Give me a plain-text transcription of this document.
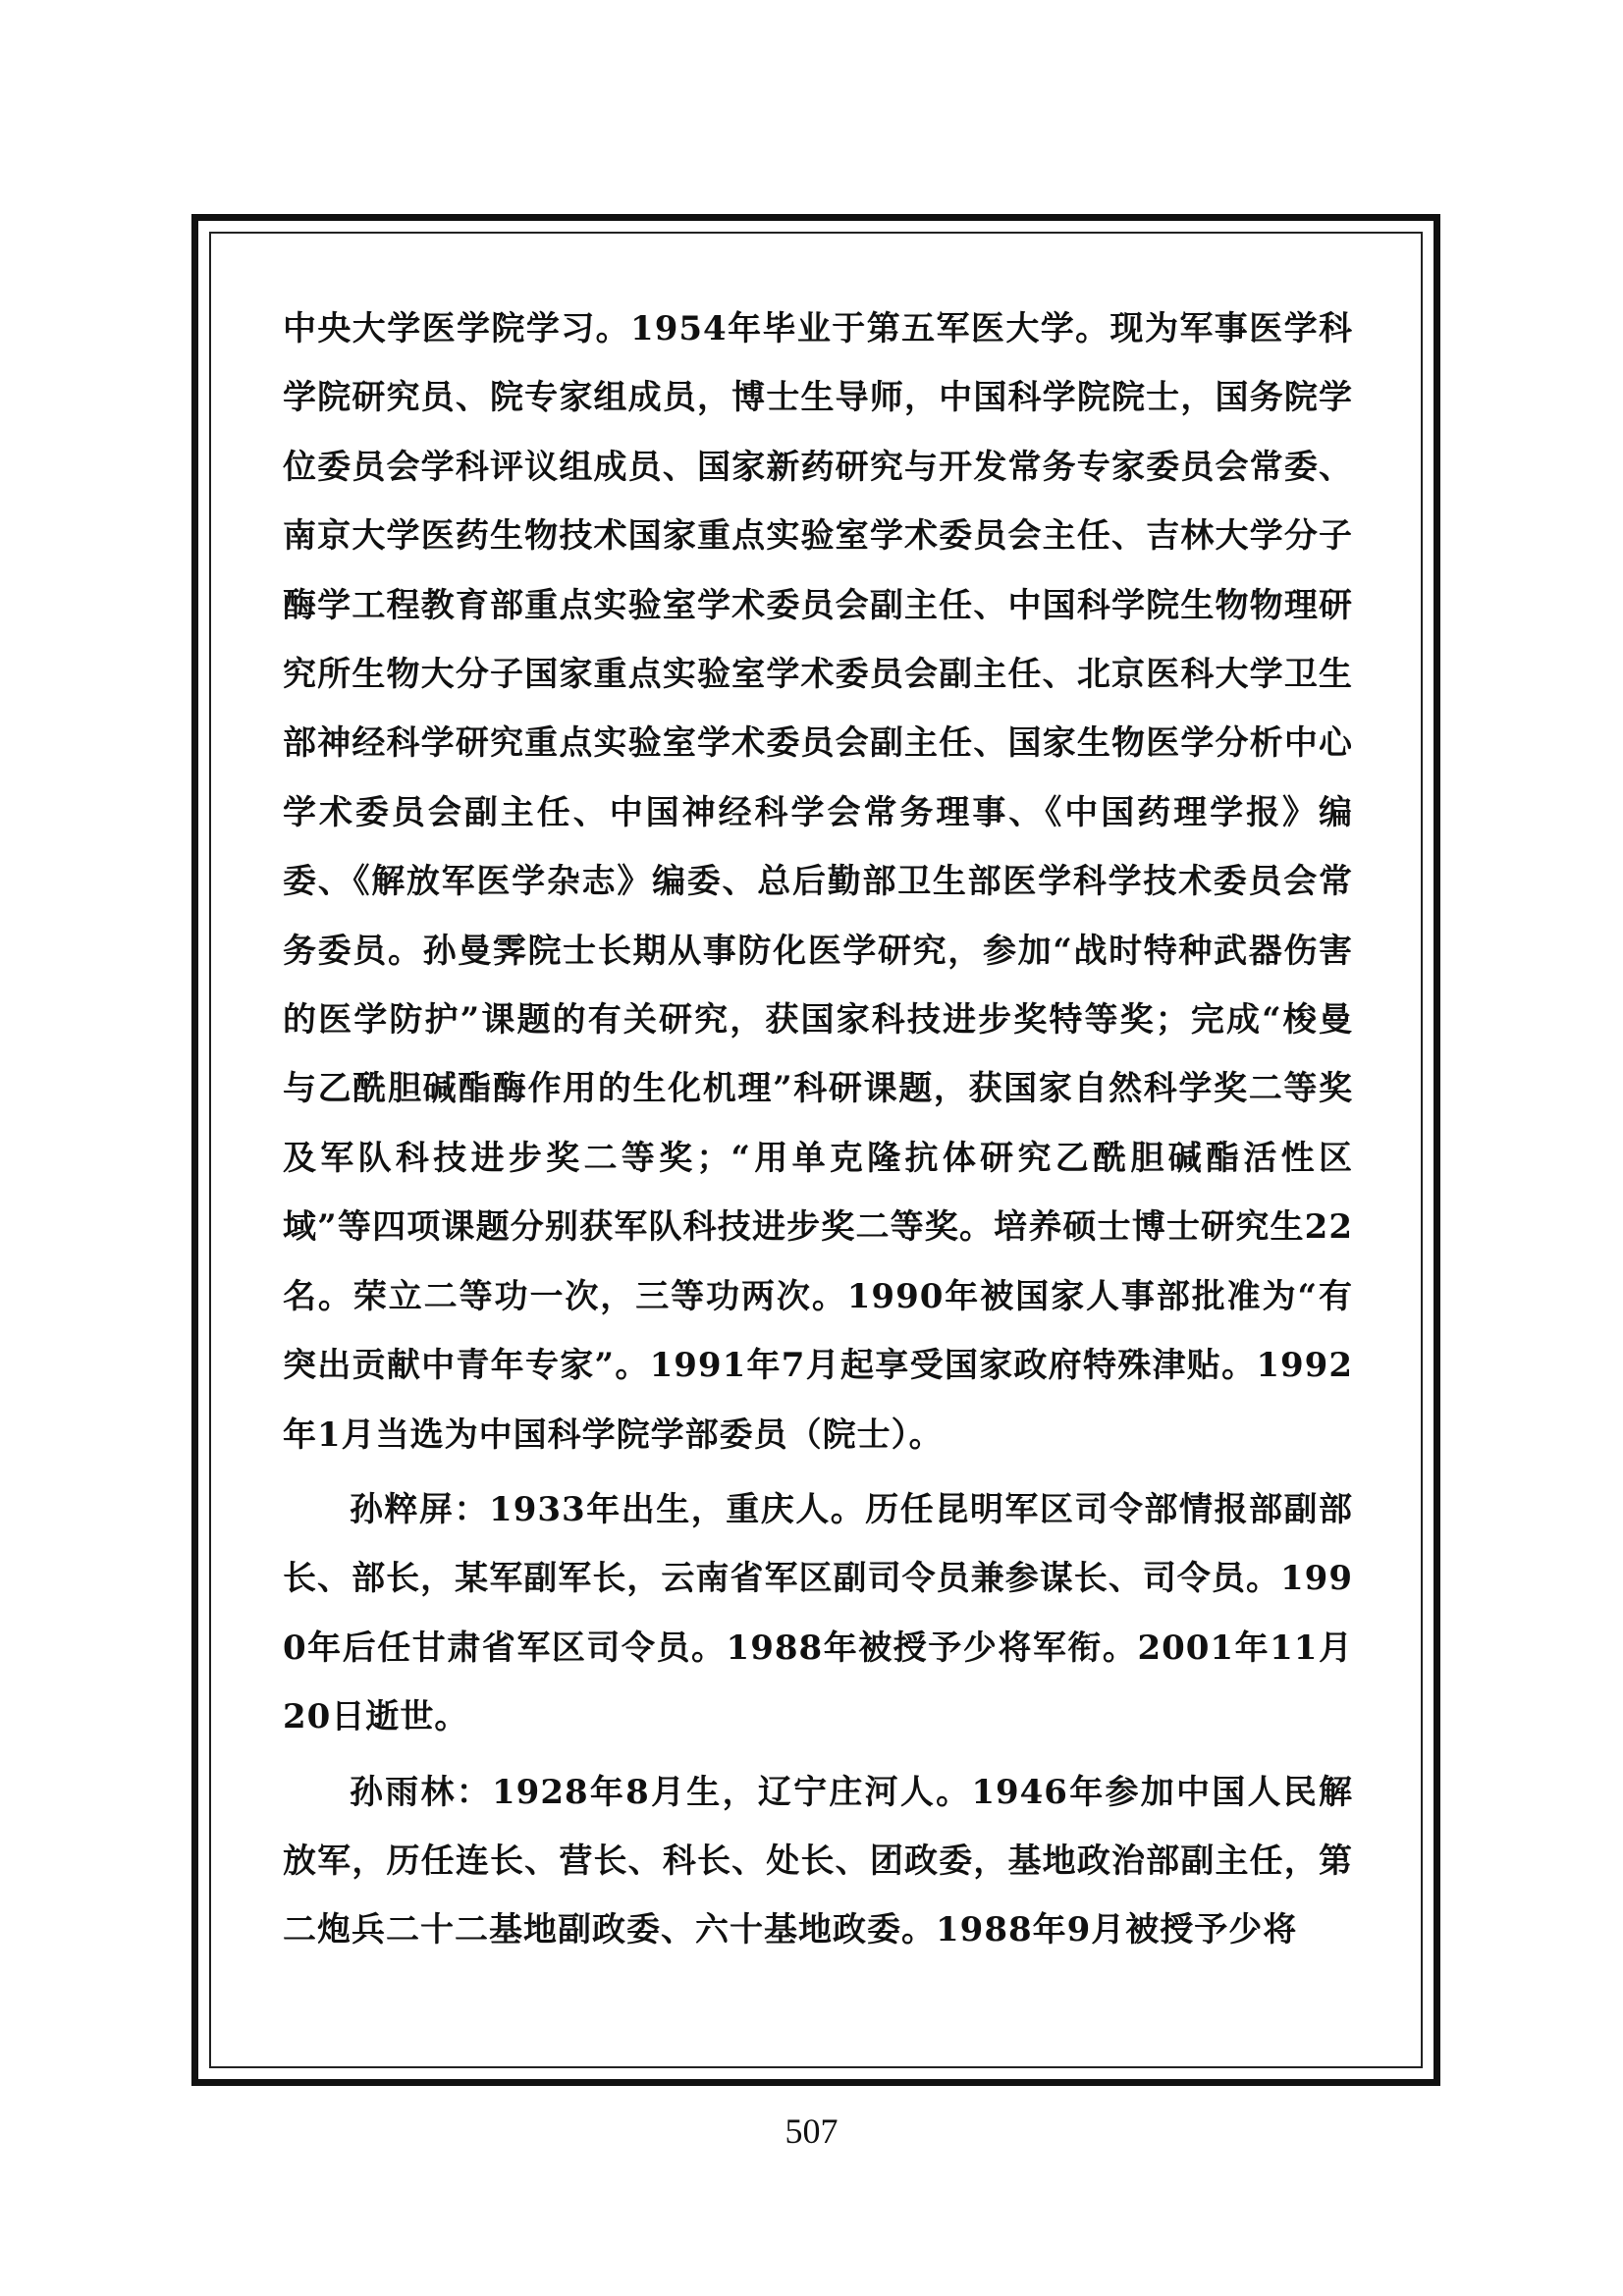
中央大学医学院学习。1954年毕业于第五军医大学。现为军事医学科学院研究员、院专家组成员，博士生导师，中国科学院院士，国务院学位委员会学科评议组成员、国家新药研究与开发常务专家委员会常委、南京大学医药生物技术国家重点实验室学术委员会主任、吉林大学分子酶学工程教育部重点实验室学术委员会副主任、中国科学院生物物理研究所生物大分子国家重点实验室学术委员会副主任、北京医科大学卫生部神经科学研究重点实验室学术委员会副主任、国家生物医学分析中心学术委员会副主任、中国神经科学会常务理事、《中国药理学报》编委、《解放军医学杂志》编委、总后勤部卫生部医学科学技术委员会常务委员。孙曼霁院士长期从事防化医学研究，参加“战时特种武器伤害的医学防护”课题的有关研究，获国家科技进步奖特等奖；完成“梭曼与乙酰胆碱酯酶作用的生化机理”科研课题，获国家自然科学奖二等奖及军队科技进步奖二等奖；“用单克隆抗体研究乙酰胆碱酯活性区域”等四项课题分别获军队科技进步奖二等奖。培养硕士博士研究生22名。荣立二等功一次，三等功两次。1990年被国家人事部批准为“有突出贡献中青年专家”。1991年7月起享受国家政府特殊津贴。1992年1月当选为中国科学院学部委员（院士）。

孙粹屏：1933年出生，重庆人。历任昆明军区司令部情报部副部长、部长，某军副军长，云南省军区副司令员兼参谋长、司令员。1990年后任甘肃省军区司令员。1988年被授予少将军衔。2001年11月20日逝世。

孙雨林：1928年8月生，辽宁庄河人。1946年参加中国人民解放军，历任连长、营长、科长、处长、团政委，基地政治部副主任，第二炮兵二十二基地副政委、六十基地政委。1988年9月被授予少将

507
